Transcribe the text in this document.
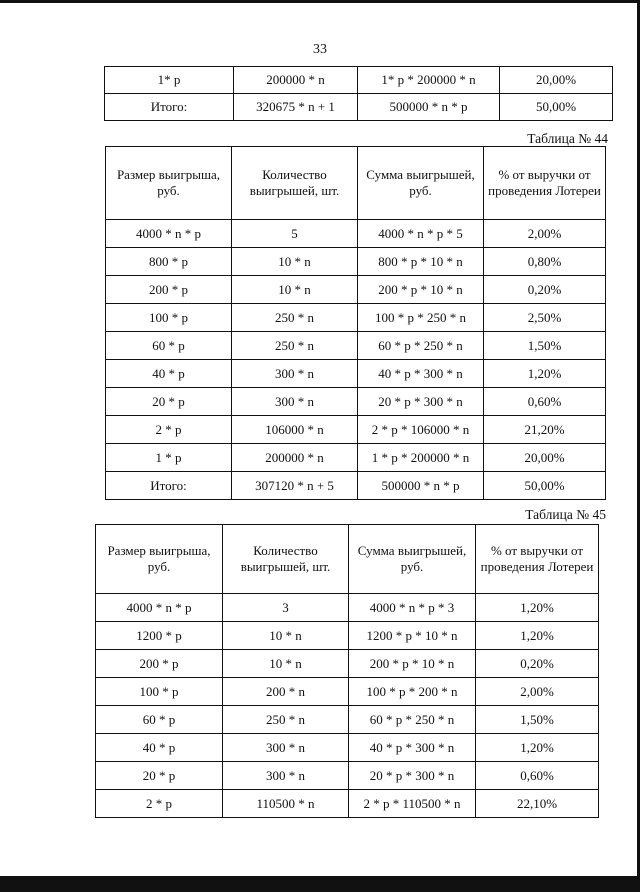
33
1* p	200000 * n	1* p * 200000 * n	20,00%
Итого:	320675 * n + 1	500000 * n * p	50,00%
Таблица № 44
Размер выигрыша, руб.	Количество выигрышей, шт.	Сумма выигрышей, руб.	% от выручки от проведения Лотереи
4000 * n * p	5	4000 * n * p * 5	2,00%
800 * p	10 * n	800 * p * 10 * n	0,80%
200 * p	10 * n	200 * p * 10 * n	0,20%
100 * p	250 * n	100 * p * 250 * n	2,50%
60 * p	250 * n	60 * p * 250 * n	1,50%
40 * p	300 * n	40 * p * 300 * n	1,20%
20 * p	300 * n	20 * p * 300 * n	0,60%
2 * p	106000 * n	2 * p * 106000 * n	21,20%
1 * p	200000 * n	1 * p * 200000 * n	20,00%
Итого:	307120 * n + 5	500000 * n * p	50,00%
Таблица № 45
Размер выигрыша, руб.	Количество выигрышей, шт.	Сумма выигрышей, руб.	% от выручки от проведения Лотереи
4000 * n * p	3	4000 * n * p * 3	1,20%
1200 * p	10 * n	1200 * p * 10 * n	1,20%
200 * p	10 * n	200 * p * 10 * n	0,20%
100 * p	200 * n	100 * p * 200 * n	2,00%
60 * p	250 * n	60 * p * 250 * n	1,50%
40 * p	300 * n	40 * p * 300 * n	1,20%
20 * p	300 * n	20 * p * 300 * n	0,60%
2 * p	110500 * n	2 * p * 110500 * n	22,10%
